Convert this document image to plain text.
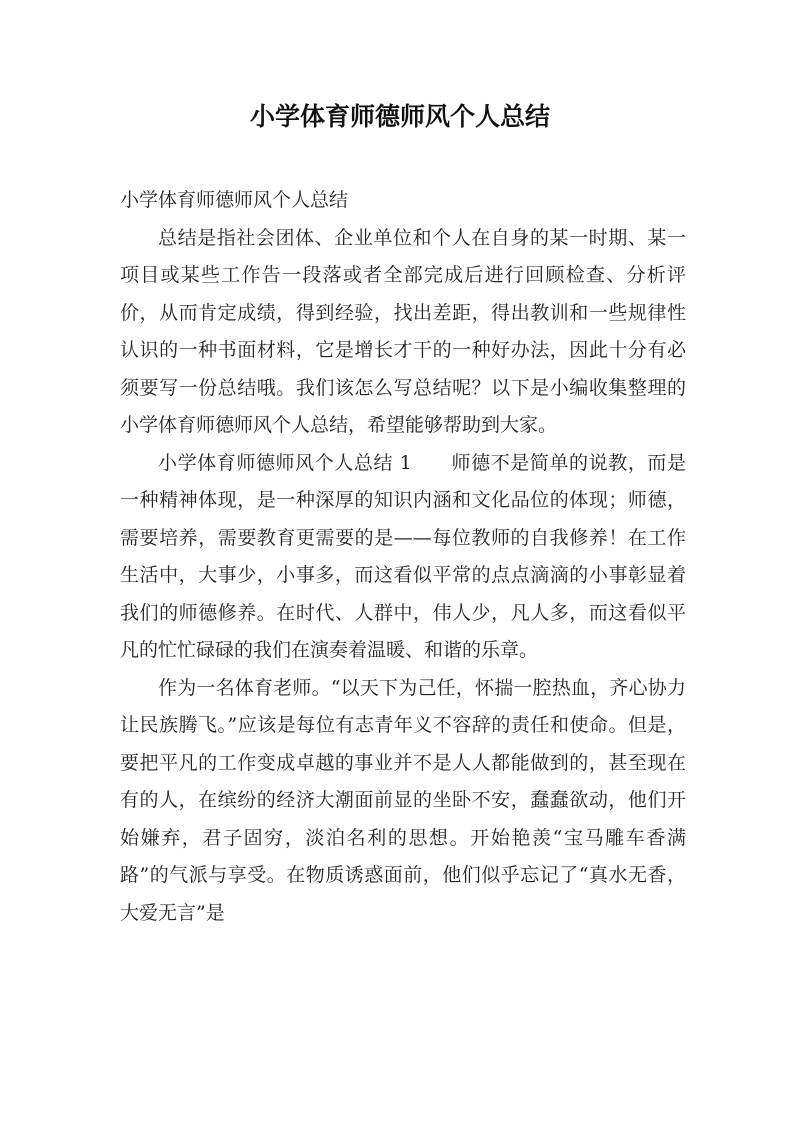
小学体育师德师风个人总结

小学体育师德师风个人总结

总结是指社会团体、企业单位和个人在自身的某一时期、某一项目或某些工作告一段落或者全部完成后进行回顾检查、分析评价，从而肯定成绩，得到经验，找出差距，得出教训和一些规律性认识的一种书面材料，它是增长才干的一种好办法，因此十分有必须要写一份总结哦。我们该怎么写总结呢？以下是小编收集整理的小学体育师德师风个人总结，希望能够帮助到大家。

小学体育师德师风个人总结 1　　师德不是简单的说教，而是一种精神体现，是一种深厚的知识内涵和文化品位的体现；师德，需要培养，需要教育更需要的是——每位教师的自我修养！在工作生活中，大事少，小事多，而这看似平常的点点滴滴的小事彰显着我们的师德修养。在时代、人群中，伟人少，凡人多，而这看似平凡的忙忙碌碌的我们在演奏着温暖、和谐的乐章。

作为一名体育老师。“以天下为己任，怀揣一腔热血，齐心协力让民族腾飞。”应该是每位有志青年义不容辞的责任和使命。但是，要把平凡的工作变成卓越的事业并不是人人都能做到的，甚至现在有的人，在缤纷的经济大潮面前显的坐卧不安，蠢蠢欲动，他们开始嫌弃，君子固穷，淡泊名利的思想。开始艳羡“宝马雕车香满路”的气派与享受。在物质诱惑面前，他们似乎忘记了“真水无香，大爱无言”是
